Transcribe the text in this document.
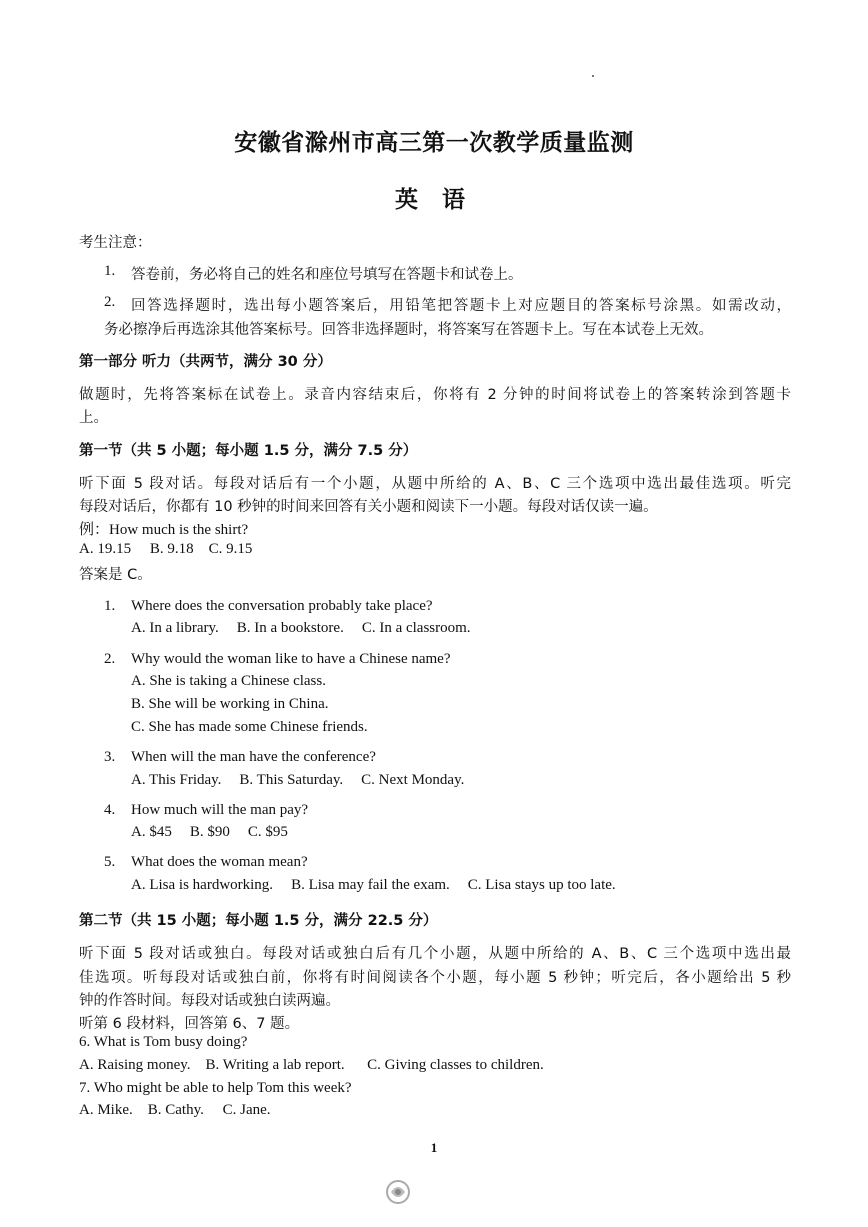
安徽省滁州市高三第一次教学质量监测
英 语
考生注意：
1. 答卷前，务必将自己的姓名和座位号填写在答题卡和试卷上。
2. 回答选择题时，选出每小题答案后，用铅笔把答题卡上对应题目的答案标号涂黑。如需改动，
务必擦净后再选涂其他答案标号。回答非选择题时，将答案写在答题卡上。写在本试卷上无效。
第一部分 听力（共两节，满分 30 分）
做题时，先将答案标在试卷上。录音内容结束后，你将有 2 分钟的时间将试卷上的答案转涂到答题卡
上。
第一节（共 5 小题；每小题 1.5 分，满分 7.5 分）
听下面 5 段对话。每段对话后有一个小题，从题中所给的 A、B、C 三个选项中选出最佳选项。听完
每段对话后，你都有 10 秒钟的时间来回答有关小题和阅读下一小题。每段对话仅读一遍。
例：How much is the shirt?
A. 19.15     B. 9.18    C. 9.15
答案是 C。
1. Where does the conversation probably take place?
A. In a library. B. In a bookstore. C. In a classroom.
2. Why would the woman like to have a Chinese name?
A. She is taking a Chinese class.
B. She will be working in China.
C. She has made some Chinese friends.
3. When will the man have the conference?
A. This Friday. B. This Saturday. C. Next Monday.
4. How much will the man pay?
A. $45 B. $90 C. $95
5. What does the woman mean?
A. Lisa is hardworking. B. Lisa may fail the exam. C. Lisa stays up too late.
第二节（共 15 小题；每小题 1.5 分，满分 22.5 分）
听下面 5 段对话或独白。每段对话或独白后有几个小题，从题中所给的 A、B、C 三个选项中选出最
佳选项。听每段对话或独白前，你将有时间阅读各个小题，每小题 5 秒钟；听完后，各小题给出 5 秒
钟的作答时间。每段对话或独白读两遍。
听第 6 段材料，回答第 6、7 题。
6. What is Tom busy doing?
A. Raising money.    B. Writing a lab report.      C. Giving classes to children.
7. Who might be able to help Tom this week?
A. Mike.    B. Cathy.     C. Jane.
1
